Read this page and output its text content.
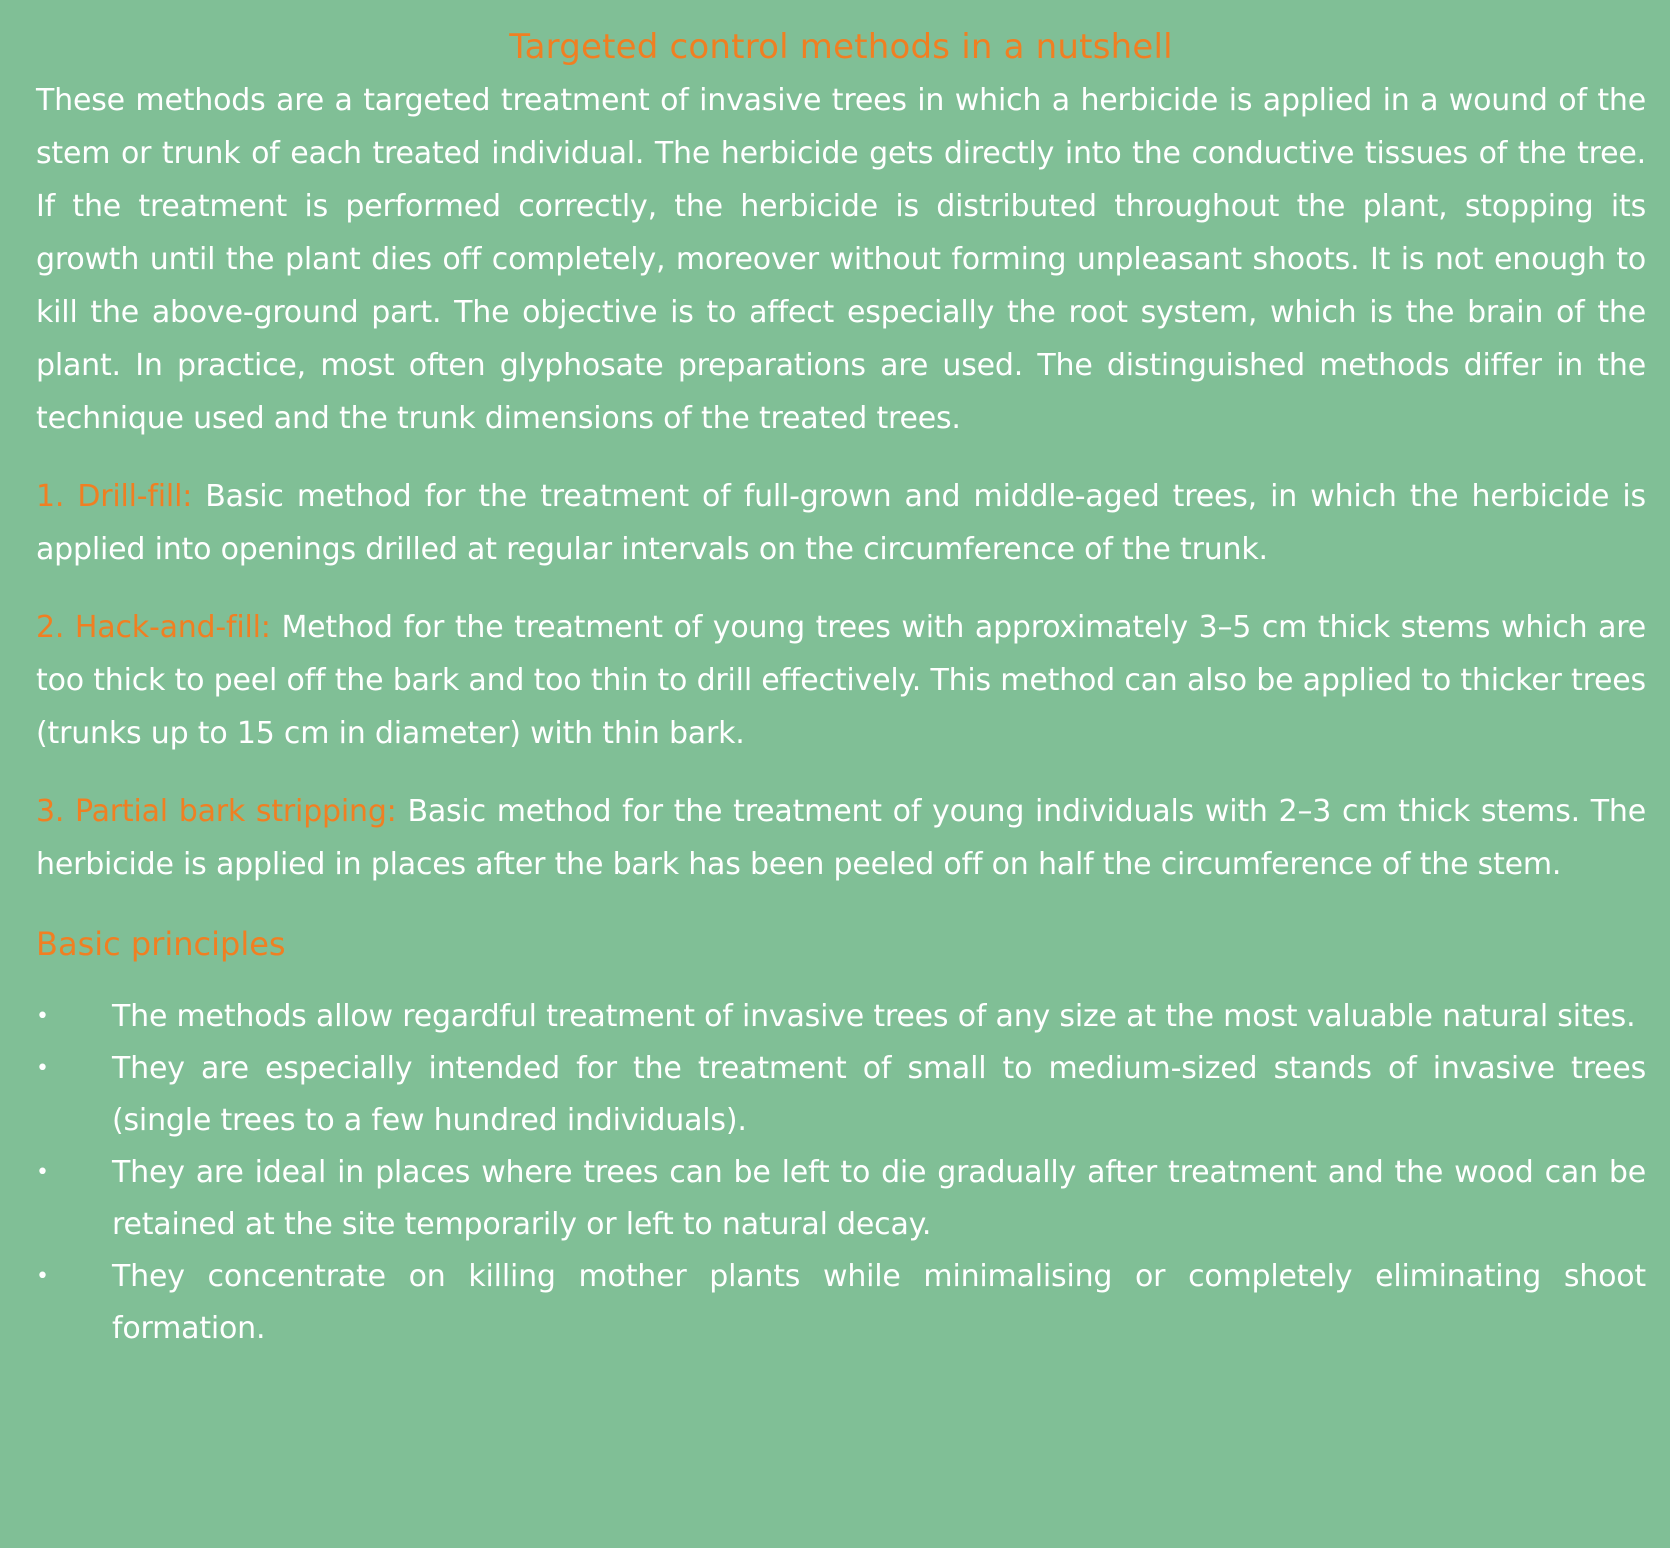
Targeted control methods in a nutshell

These methods are a targeted treatment of invasive trees in which a herbicide is applied in a wound of the stem or trunk of each treated individual. The herbicide gets directly into the conductive tissues of the tree. If the treatment is performed correctly, the herbicide is distributed throughout the plant, stopping its growth until the plant dies off completely, moreover without forming unpleasant shoots. It is not enough to kill the above-ground part. The objective is to affect especially the root system, which is the brain of the plant. In practice, most often glyphosate preparations are used. The distinguished methods differ in the technique used and the trunk dimensions of the treated trees.

1. Drill-fill: Basic method for the treatment of full-grown and middle-aged trees, in which the herbicide is applied into openings drilled at regular intervals on the circumference of the trunk.

2. Hack-and-fill: Method for the treatment of young trees with approximately 3–5 cm thick stems which are too thick to peel off the bark and too thin to drill effectively. This method can also be applied to thicker trees (trunks up to 15 cm in diameter) with thin bark.

3. Partial bark stripping: Basic method for the treatment of young individuals with 2–3 cm thick stems. The herbicide is applied in places after the bark has been peeled off on half the circumference of the stem.

Basic principles
• The methods allow regardful treatment of invasive trees of any size at the most valuable natural sites.
• They are especially intended for the treatment of small to medium-sized stands of invasive trees (single trees to a few hundred individuals).
• They are ideal in places where trees can be left to die gradually after treatment and the wood can be retained at the site temporarily or left to natural decay.
• They concentrate on killing mother plants while minimalising or completely eliminating shoot formation.
